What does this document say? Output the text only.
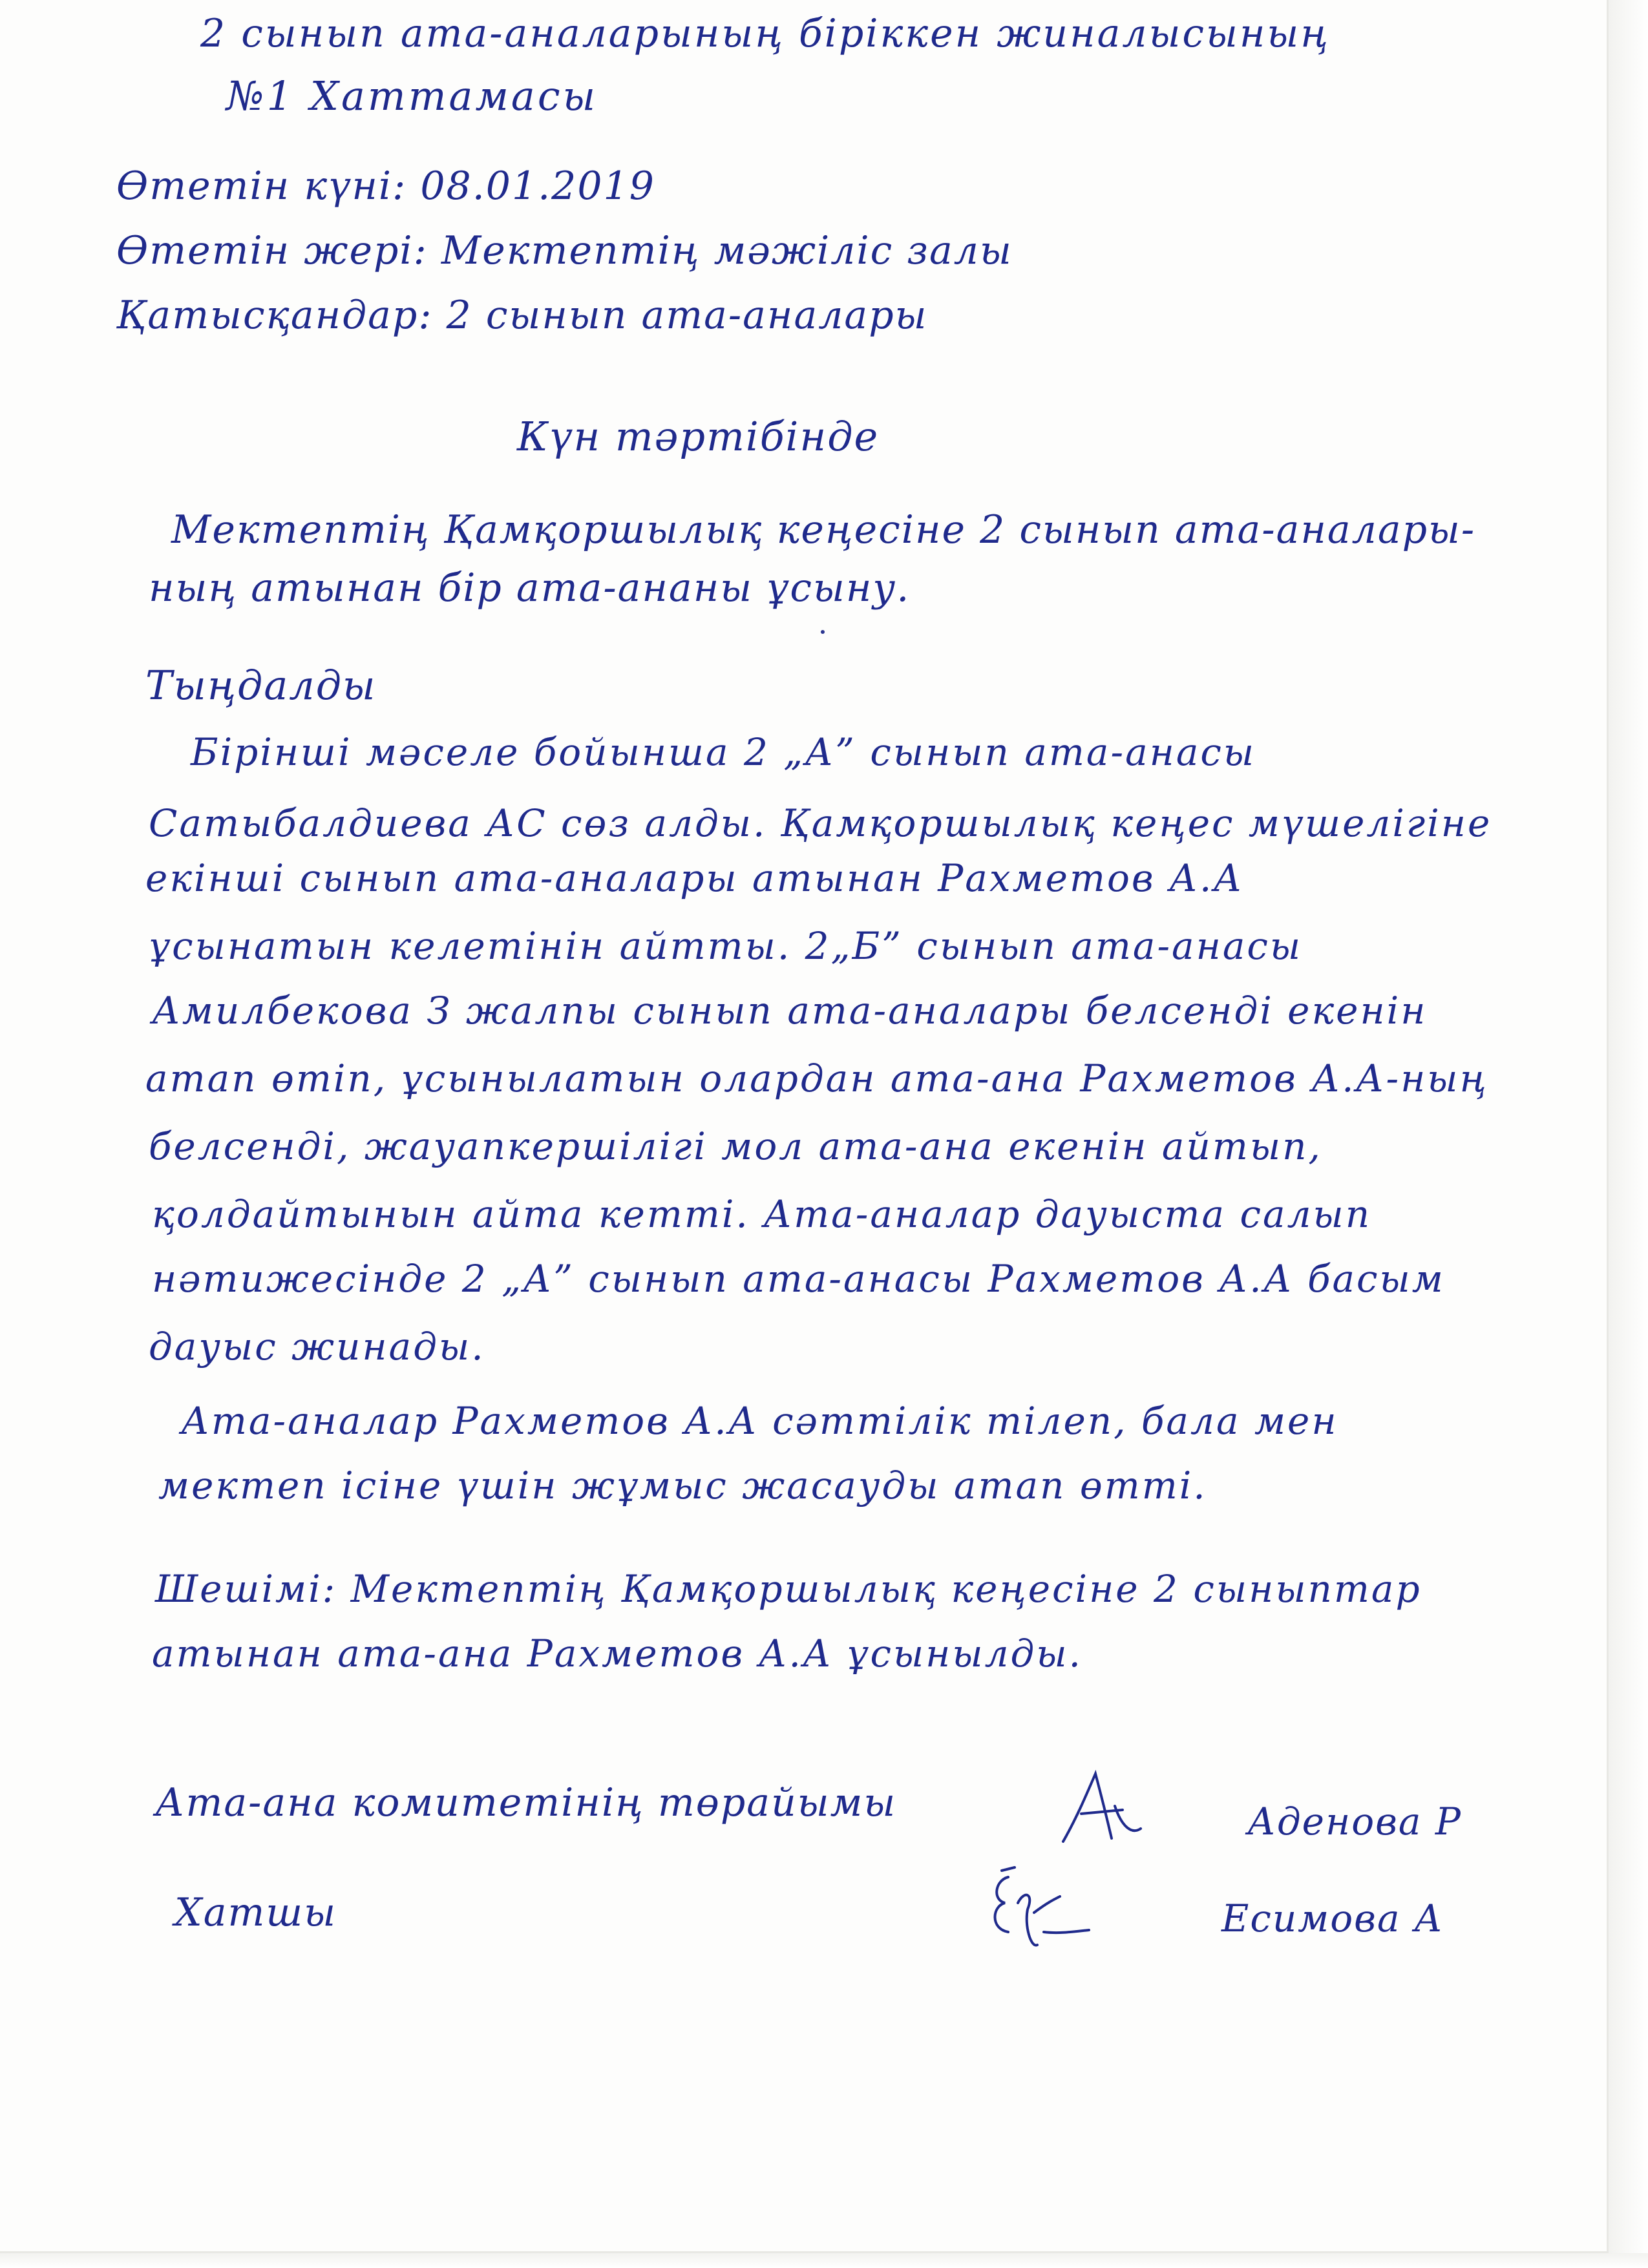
2 сынып ата-аналарының біріккен жиналысының

№1 Хаттамасы

Өтетін күні: 08.01.2019

Өтетін жері: Мектептің мәжіліс залы

Қатысқандар: 2 сынып ата-аналары

Күн тәртібінде

Мектептің Қамқоршылық кеңесіне 2 сынып ата-аналары-

ның атынан бір ата-ананы ұсыну.

Тыңдалды

Бірінші мәселе бойынша 2 „А” сынып ата-анасы

Сатыбалдиева АС сөз алды. Қамқоршылық кеңес мүшелігіне

екінші сынып ата-аналары атынан Рахметов А.А

ұсынатын келетінін айтты. 2„Б” сынып ата-анасы

Амилбекова З жалпы сынып ата-аналары белсенді екенін

атап өтіп, ұсынылатын олардан ата-ана Рахметов А.А-ның

белсенді, жауапкершілігі мол ата-ана екенін айтып,

қолдайтынын айта кетті. Ата-аналар дауыста салып

нәтижесінде 2 „А” сынып ата-анасы Рахметов А.А басым

дауыс жинады.

Ата-аналар Рахметов А.А сәттілік тілеп, бала мен

мектеп ісіне үшін жұмыс жасауды атап өтті.

Шешімі: Мектептің Қамқоршылық кеңесіне 2 сыныптар

атынан ата-ана Рахметов А.А ұсынылды.

Ата-ана комитетінің төрайымы

Хатшы

Аденова Р

Есимова А
